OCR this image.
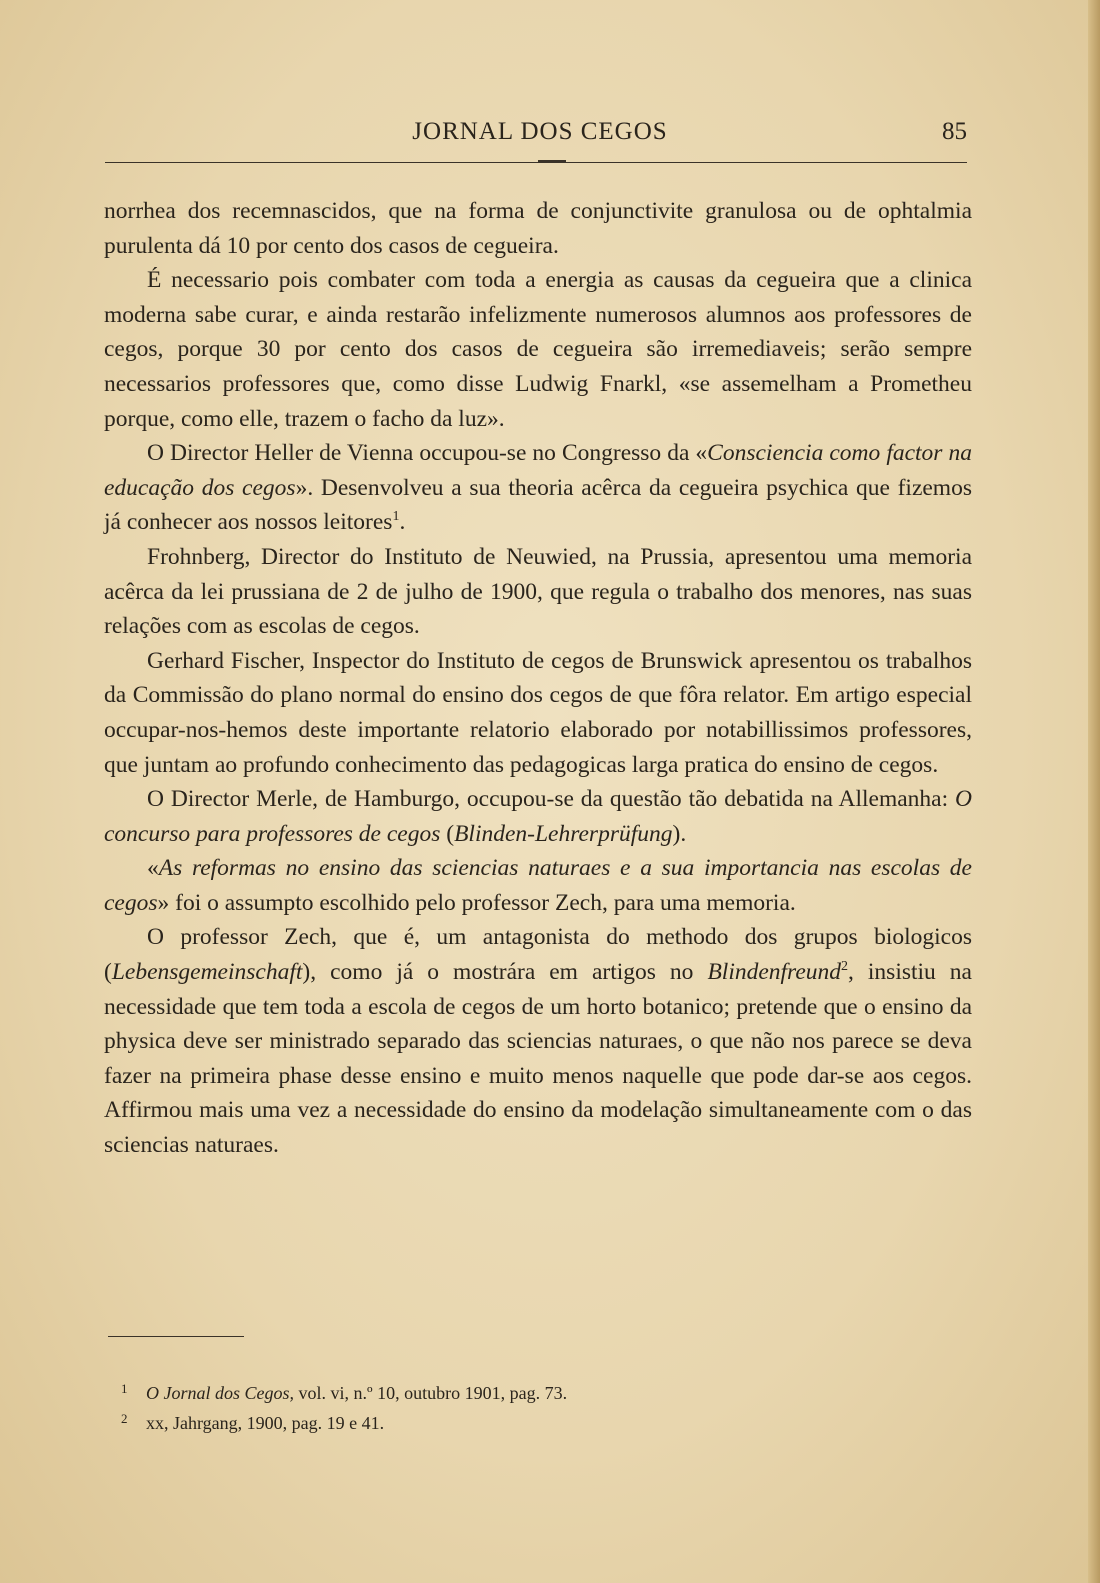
JORNAL DOS CEGOS	85

norrhea dos recemnascidos, que na forma de conjunctivite granulosa ou de ophtalmia purulenta dá 10 por cento dos casos de cegueira.

É necessario pois combater com toda a energia as causas da cegueira que a clinica moderna sabe curar, e ainda restarão infelizmente numerosos alumnos aos professores de cegos, porque 30 por cento dos casos de cegueira são irremediaveis; serão sempre necessarios professores que, como disse Ludwig Fnarkl, «se assemelham a Prometheu porque, como elle, trazem o facho da luz».

O Director Heller de Vienna occupou-se no Congresso da «Consciencia como factor na educação dos cegos». Desenvolveu a sua theoria acêrca da cegueira psychica que fizemos já conhecer aos nossos leitores$^1$.

Frohnberg, Director do Instituto de Neuwied, na Prussia, apresentou uma memoria acêrca da lei prussiana de 2 de julho de 1900, que regula o trabalho dos menores, nas suas relações com as escolas de cegos.

Gerhard Fischer, Inspector do Instituto de cegos de Brunswick apresentou os trabalhos da Commissão do plano normal do ensino dos cegos de que fôra relator. Em artigo especial occupar-nos-hemos deste importante relatorio elaborado por notabillissimos professores, que juntam ao profundo conhecimento das pedagogicas larga pratica do ensino de cegos.

O Director Merle, de Hamburgo, occupou-se da questão tão debatida na Allemanha: O concurso para professores de cegos (Blinden-Lehrerprüfung).

«As reformas no ensino das sciencias naturaes e a sua importancia nas escolas de cegos» foi o assumpto escolhido pelo professor Zech, para uma memoria.

O professor Zech, que é, um antagonista do methodo dos grupos biologicos (Lebensgemeinschaft), como já o mostrára em artigos no Blindenfreund$^2$, insistiu na necessidade que tem toda a escola de cegos de um horto botanico; pretende que o ensino da physica deve ser ministrado separado das sciencias naturaes, o que não nos parece se deva fazer na primeira phase desse ensino e muito menos naquelle que pode dar-se aos cegos. Affirmou mais uma vez a necessidade do ensino da modelação simultaneamente com o das sciencias naturaes.

1 O Jornal dos Cegos, vol. vi, n.º 10, outubro 1901, pag. 73.
2 xx, Jahrgang, 1900, pag. 19 e 41.
